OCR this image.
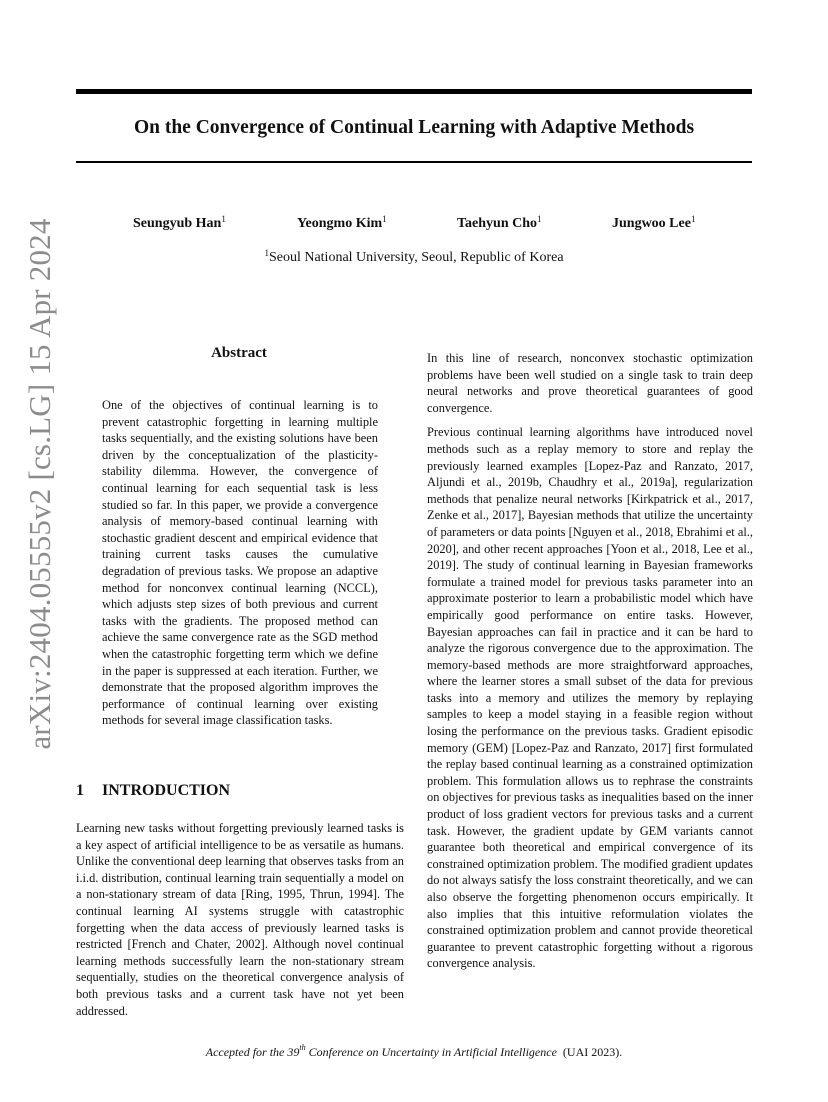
On the Convergence of Continual Learning with Adaptive Methods
Seungyub Han$^1$	Yeongmo Kim$^1$	Taehyun Cho$^1$	Jungwoo Lee$^1$
$^1$Seoul National University, Seoul, Republic of Korea
arXiv:2404.05555v2 [cs.LG] 15 Apr 2024	Abstract
One of the objectives of continual learning is to prevent catastrophic forgetting in learning multiple tasks sequentially, and the existing solutions have been driven by the conceptualization of the plasticity-stability dilemma. However, the convergence of continual learning for each sequential task is less studied so far. In this paper, we provide a convergence analysis of memory-based continual learning with stochastic gradient descent and empirical evidence that training current tasks causes the cumulative degradation of previous tasks. We propose an adaptive method for nonconvex continual learning (NCCL), which adjusts step sizes of both previous and current tasks with the gradients. The proposed method can achieve the same convergence rate as the SGD method when the catastrophic forgetting term which we define in the paper is suppressed at each iteration. Further, we demonstrate that the proposed algorithm improves the performance of continual learning over existing methods for several image classification tasks.
1 INTRODUCTION
Learning new tasks without forgetting previously learned tasks is a key aspect of artificial intelligence to be as versatile as humans. Unlike the conventional deep learning that observes tasks from an i.i.d. distribution, continual learning train sequentially a model on a non-stationary stream of data [Ring, 1995, Thrun, 1994]. The continual learning AI systems struggle with catastrophic forgetting when the data access of previously learned tasks is restricted [French and Chater, 2002]. Although novel continual learning methods successfully learn the non-stationary stream sequentially, studies on the theoretical convergence analysis of both previous tasks and a current task have not yet been addressed.

In this line of research, nonconvex stochastic optimization problems have been well studied on a single task to train deep neural networks and prove theoretical guarantees of good convergence.

Previous continual learning algorithms have introduced novel methods such as a replay memory to store and replay the previously learned examples [Lopez-Paz and Ranzato, 2017, Aljundi et al., 2019b, Chaudhry et al., 2019a], regularization methods that penalize neural networks [Kirkpatrick et al., 2017, Zenke et al., 2017], Bayesian methods that utilize the uncertainty of parameters or data points [Nguyen et al., 2018, Ebrahimi et al., 2020], and other recent approaches [Yoon et al., 2018, Lee et al., 2019]. The study of continual learning in Bayesian frameworks formulate a trained model for previous tasks parameter into an approximate posterior to learn a probabilistic model which have empirically good performance on entire tasks. However, Bayesian approaches can fail in practice and it can be hard to analyze the rigorous convergence due to the approximation. The memory-based methods are more straightforward approaches, where the learner stores a small subset of the data for previous tasks into a memory and utilizes the memory by replaying samples to keep a model staying in a feasible region without losing the performance on the previous tasks. Gradient episodic memory (GEM) [Lopez-Paz and Ranzato, 2017] first formulated the replay based continual learning as a constrained optimization problem. This formulation allows us to rephrase the constraints on objectives for previous tasks as inequalities based on the inner product of loss gradient vectors for previous tasks and a current task. However, the gradient update by GEM variants cannot guarantee both theoretical and empirical convergence of its constrained optimization problem. The modified gradient updates do not always satisfy the loss constraint theoretically, and we can also observe the forgetting phenomenon occurs empirically. It also implies that this intuitive reformulation violates the constrained optimization problem and cannot provide theoretical guarantee to prevent catastrophic forgetting without a rigorous convergence analysis.

Accepted for the 39th Conference on Uncertainty in Artificial Intelligence (UAI 2023).
